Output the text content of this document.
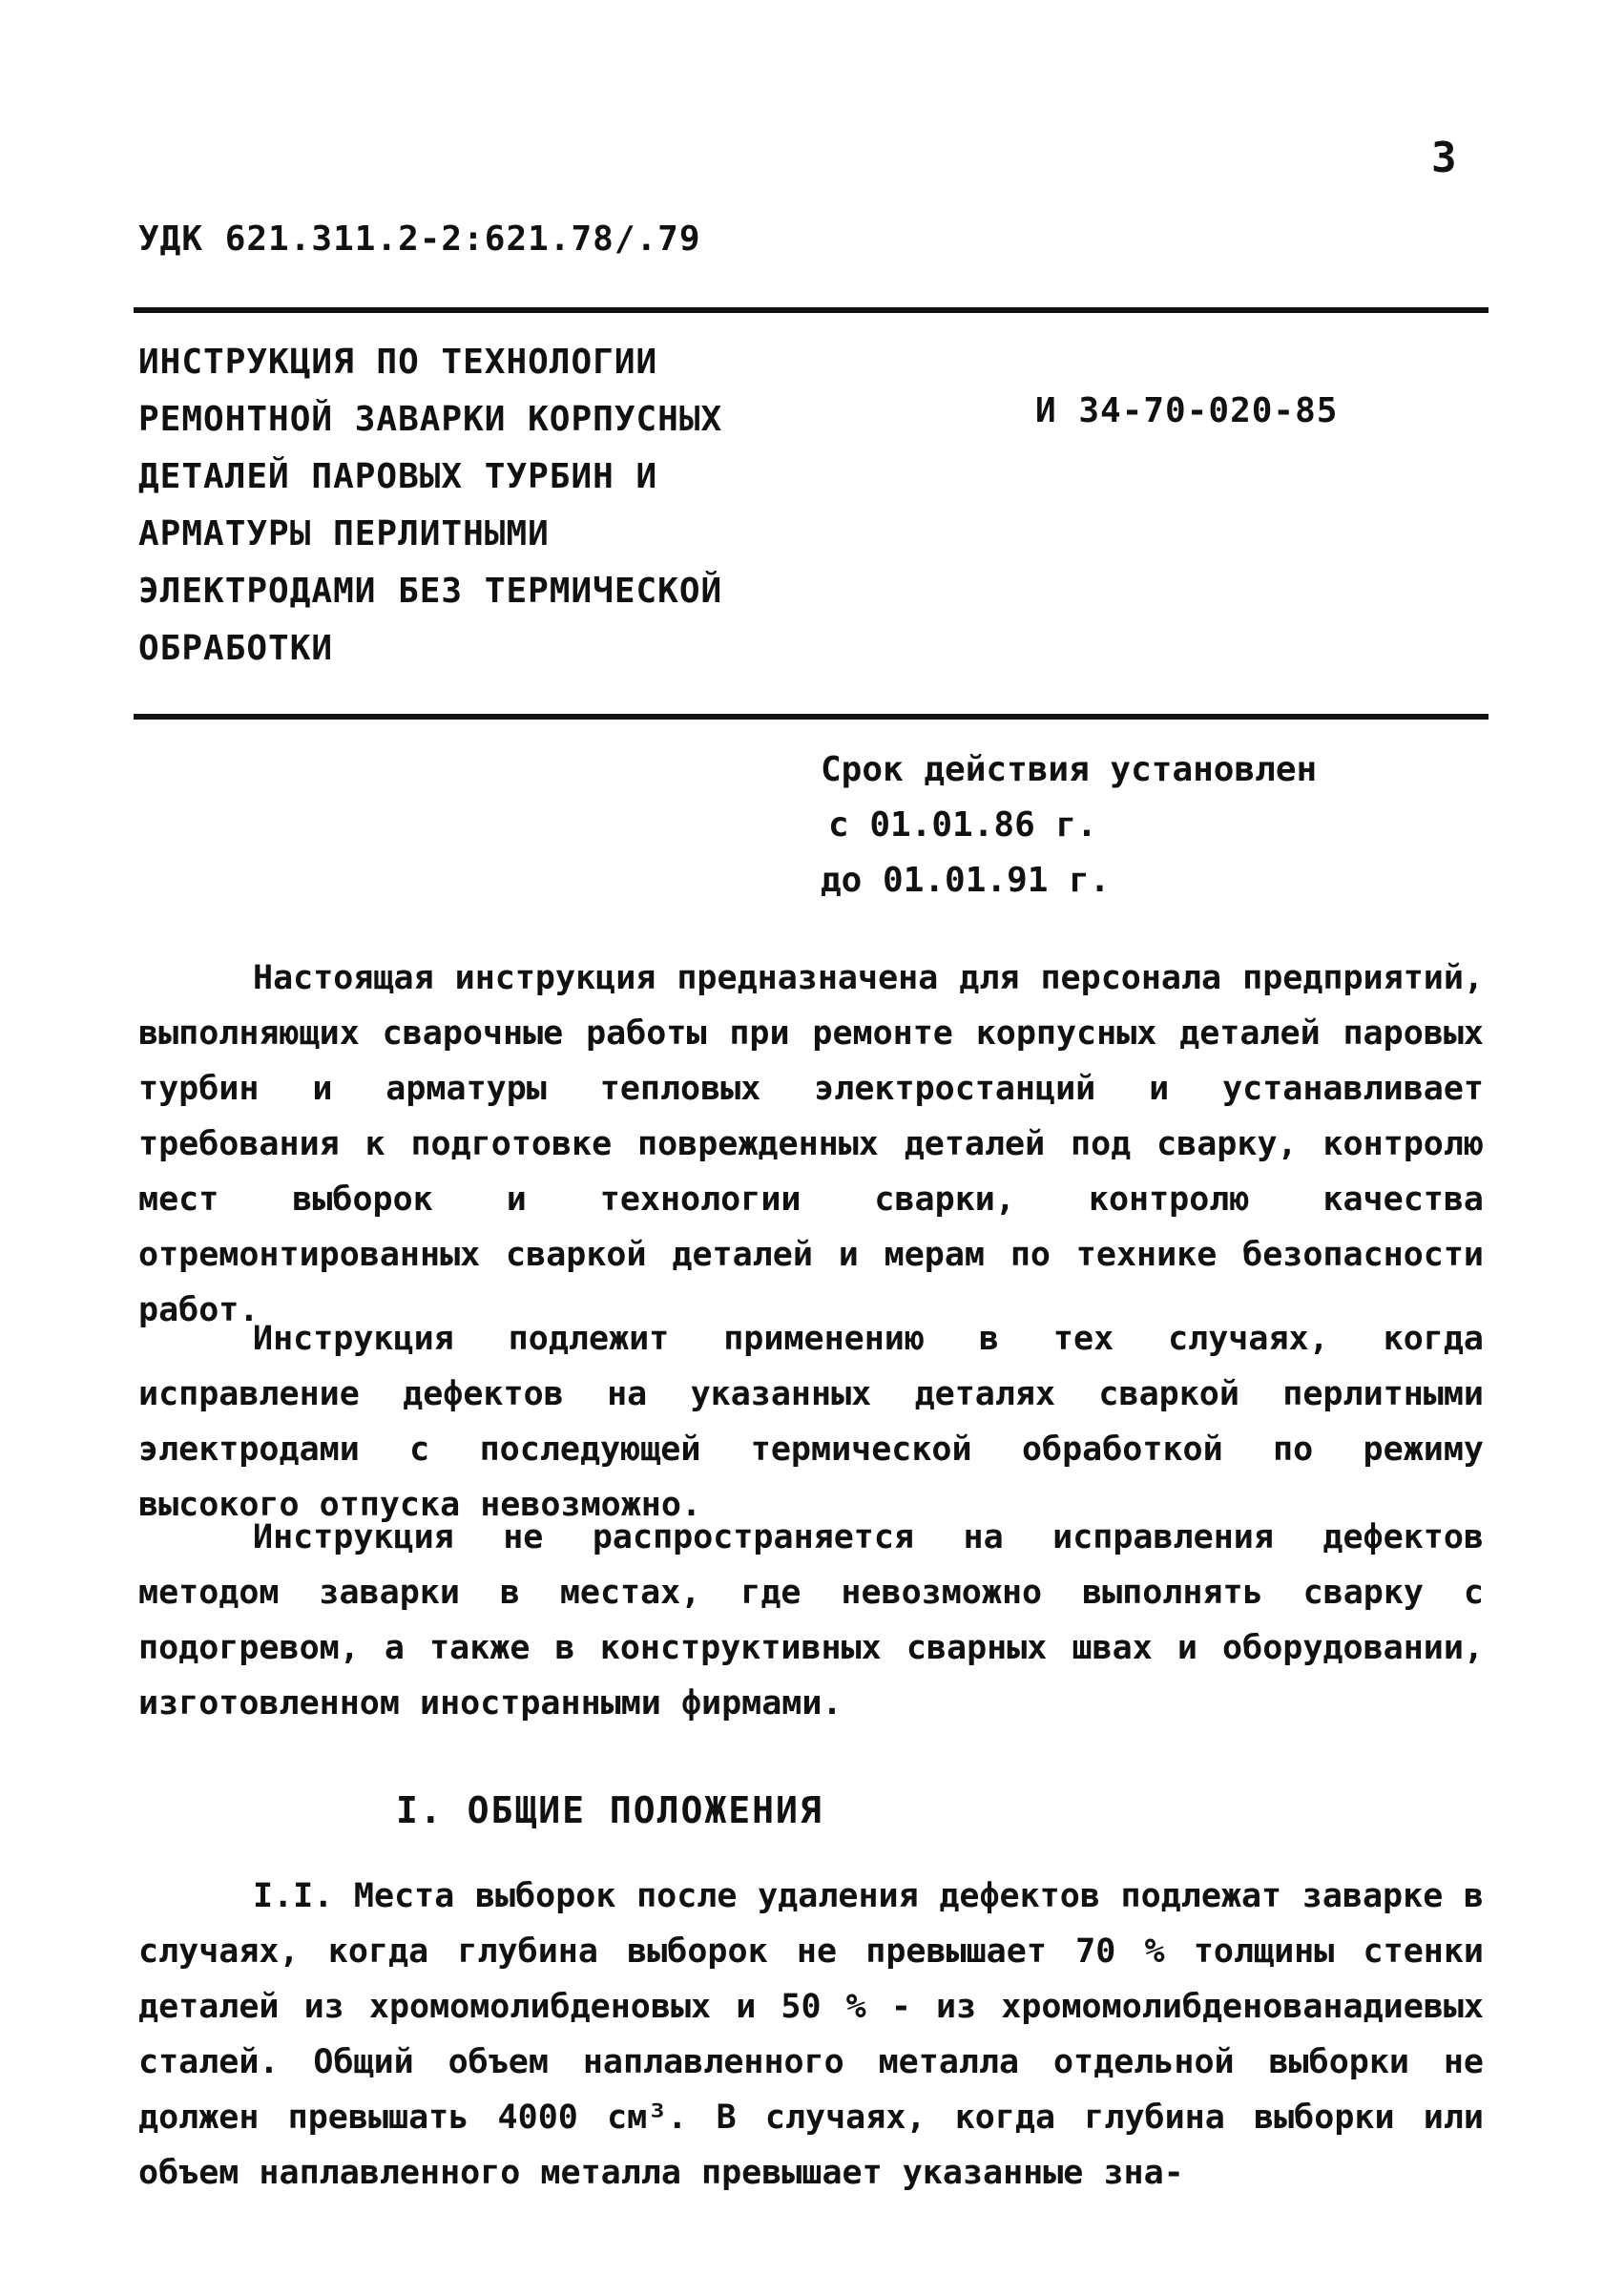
3
УДК 621.311.2-2:621.78/.79
ИНСТРУКЦИЯ ПО ТЕХНОЛОГИИ
РЕМОНТНОЙ ЗАВАРКИ КОРПУСНЫХ
ДЕТАЛЕЙ ПАРОВЫХ ТУРБИН И
АРМАТУРЫ ПЕРЛИТНЫМИ
ЭЛЕКТРОДАМИ БЕЗ ТЕРМИЧЕСКОЙ
ОБРАБОТКИ
И 34-70-020-85
Срок действия установлен
с 01.01.86 г.
до 01.01.91 г.

Настоящая инструкция предназначена для персонала предприятий, выполняющих сварочные работы при ремонте корпусных деталей паровых турбин и арматуры тепловых электростанций и устанавливает требования к подготовке поврежденных деталей под сварку, контролю мест выборок и технологии сварки, контролю качества отремонтированных сваркой деталей и мерам по технике безопасности работ.

Инструкция подлежит применению в тех случаях, когда исправление дефектов на указанных деталях сваркой перлитными электродами с последующей термической обработкой по режиму высокого отпуска невозможно.

Инструкция не распространяется на исправления дефектов методом заварки в местах, где невозможно выполнять сварку с подогревом, а также в конструктивных сварных швах и оборудовании, изготовленном иностранными фирмами.

I. ОБЩИЕ ПОЛОЖЕНИЯ

I.I. Места выборок после удаления дефектов подлежат заварке в случаях, когда глубина выборок не превышает 70 % толщины стенки деталей из хромомолибденовых и 50 % - из хромомолибденованадиевых сталей. Общий объем наплавленного металла отдельной выборки не должен превышать 4000 см³. В случаях, когда глубина выборки или объем наплавленного металла превышает указанные зна-
